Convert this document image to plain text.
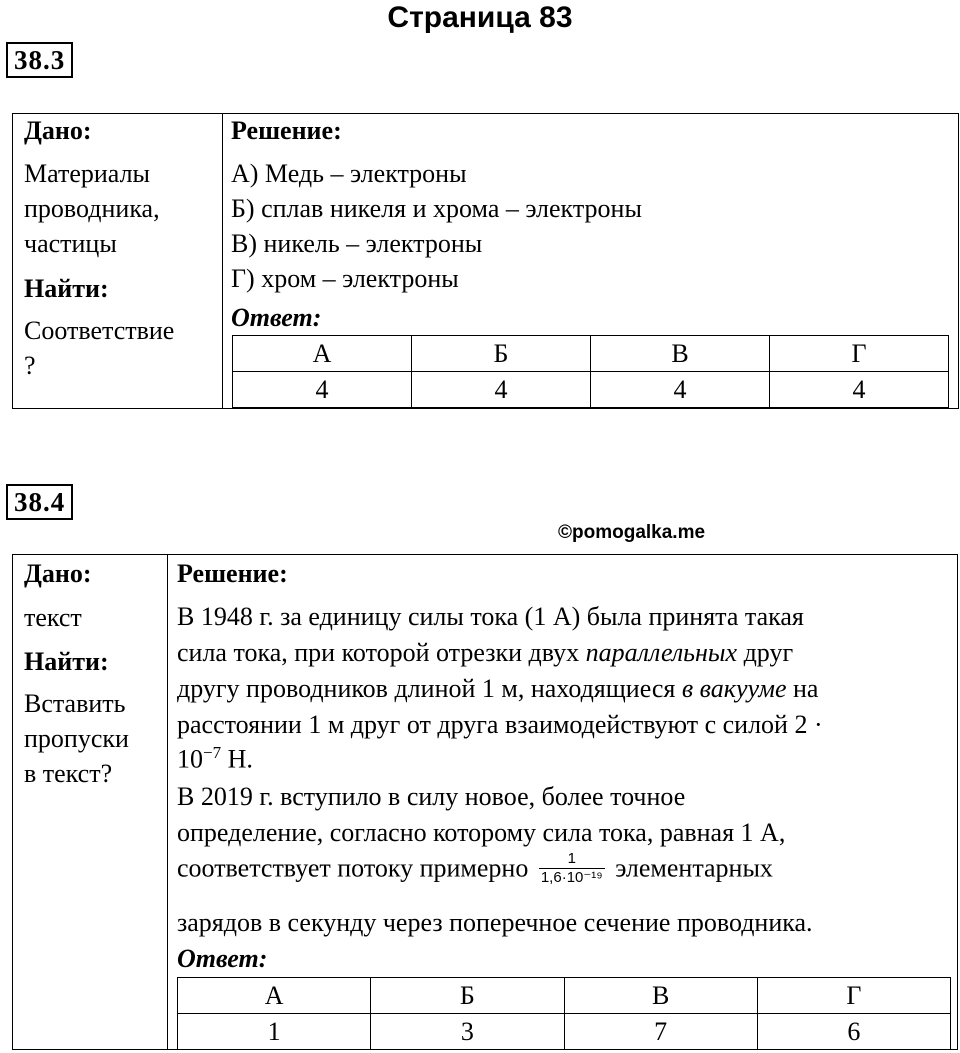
Страница 83
38.3
Дано:
Материалы
проводника,
частицы
Найти:
Соответствие
?
Решение:
А) Медь – электроны
Б) сплав никеля и хрома – электроны
В) никель – электроны
Г) хром – электроны
Ответ:
А	Б	В	Г
4	4	4	4
38.4
©pomogalka.me
Дано:
текст
Найти:
Вставить
пропуски
в текст?
Решение:
В 1948 г. за единицу силы тока (1 А) была принята такая
сила тока, при которой отрезки двух параллельных друг
другу проводников длиной 1 м, находящиеся в вакууме на
расстоянии 1 м друг от друга взаимодействуют с силой 2 ·
$10^{-7}$ Н.
В 2019 г. вступило в силу новое, более точное
определение, согласно которому сила тока, равная 1 А,
соответствует потоку примерно $\frac{1}{\text{1,6·10⁻¹⁹}}$ элементарных
зарядов в секунду через поперечное сечение проводника.
Ответ:
А	Б	В	Г
1	3	7	6
